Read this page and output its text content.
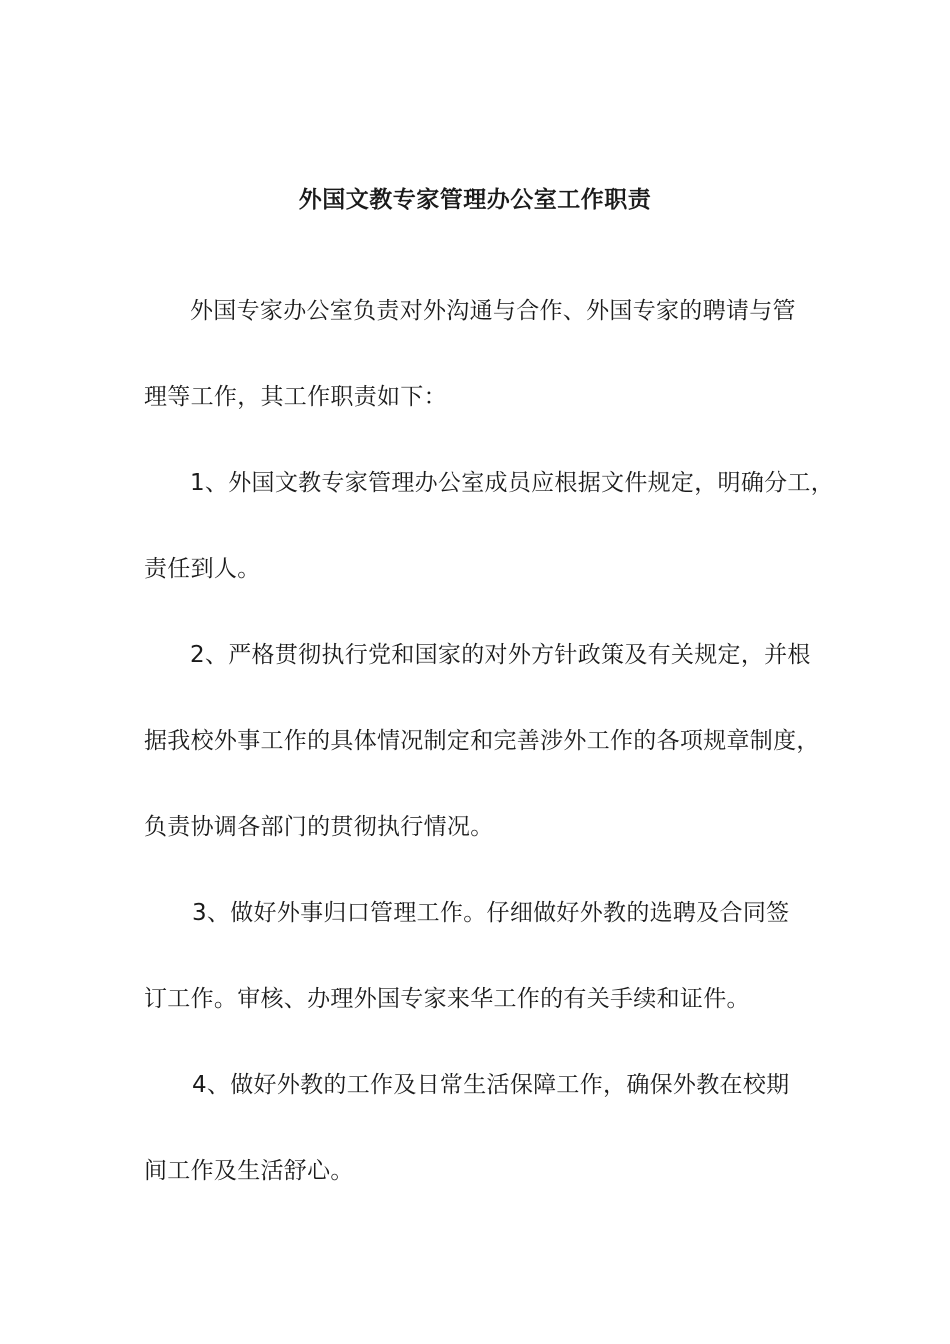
外国文教专家管理办公室工作职责
外国专家办公室负责对外沟通与合作、外国专家的聘请与管
理等工作，其工作职责如下：
1、外国文教专家管理办公室成员应根据文件规定，明确分工，
责任到人。
2、严格贯彻执行党和国家的对外方针政策及有关规定，并根
据我校外事工作的具体情况制定和完善涉外工作的各项规章制度，
负责协调各部门的贯彻执行情况。
3、做好外事归口管理工作。仔细做好外教的选聘及合同签
订工作。审核、办理外国专家来华工作的有关手续和证件。
4、做好外教的工作及日常生活保障工作，确保外教在校期
间工作及生活舒心。
